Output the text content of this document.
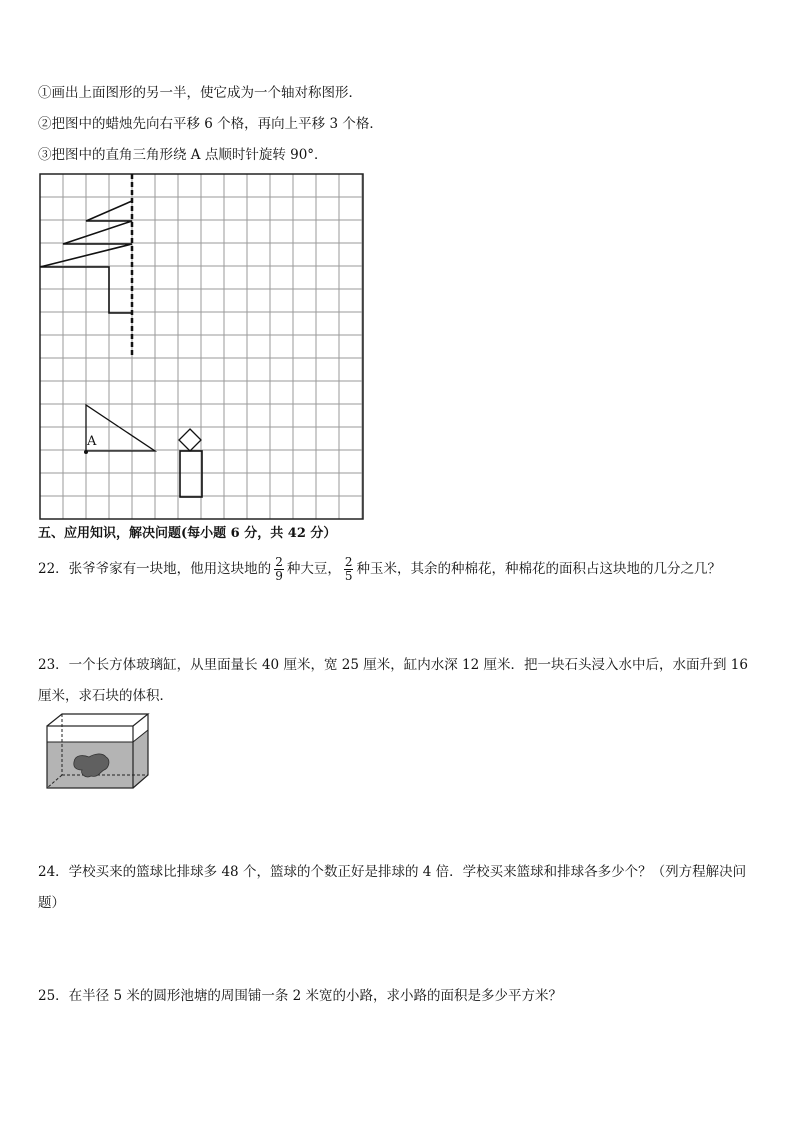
①画出上面图形的另一半，使它成为一个轴对称图形．
②把图中的蜡烛先向右平移 6 个格，再向上平移 3 个格．
③把图中的直角三角形绕 A 点顺时针旋转 90°．
A
五、应用知识，解决问题(每小题 6 分，共 42 分）
22．张爷爷家有一块地，他用这块地的 $\frac{2}{9}$ 种大豆， $\frac{2}{5}$ 种玉米，其余的种棉花，种棉花的面积占这块地的几分之几？
23．一个长方体玻璃缸，从里面量长 40 厘米，宽 25 厘米，缸内水深 12 厘米．把一块石头浸入水中后，水面升到 16
厘米，求石块的体积．
24．学校买来的篮球比排球多 48 个，篮球的个数正好是排球的 4 倍．学校买来篮球和排球各多少个？（列方程解决问
题）
25．在半径 5 米的圆形池塘的周围铺一条 2 米宽的小路，求小路的面积是多少平方米？
